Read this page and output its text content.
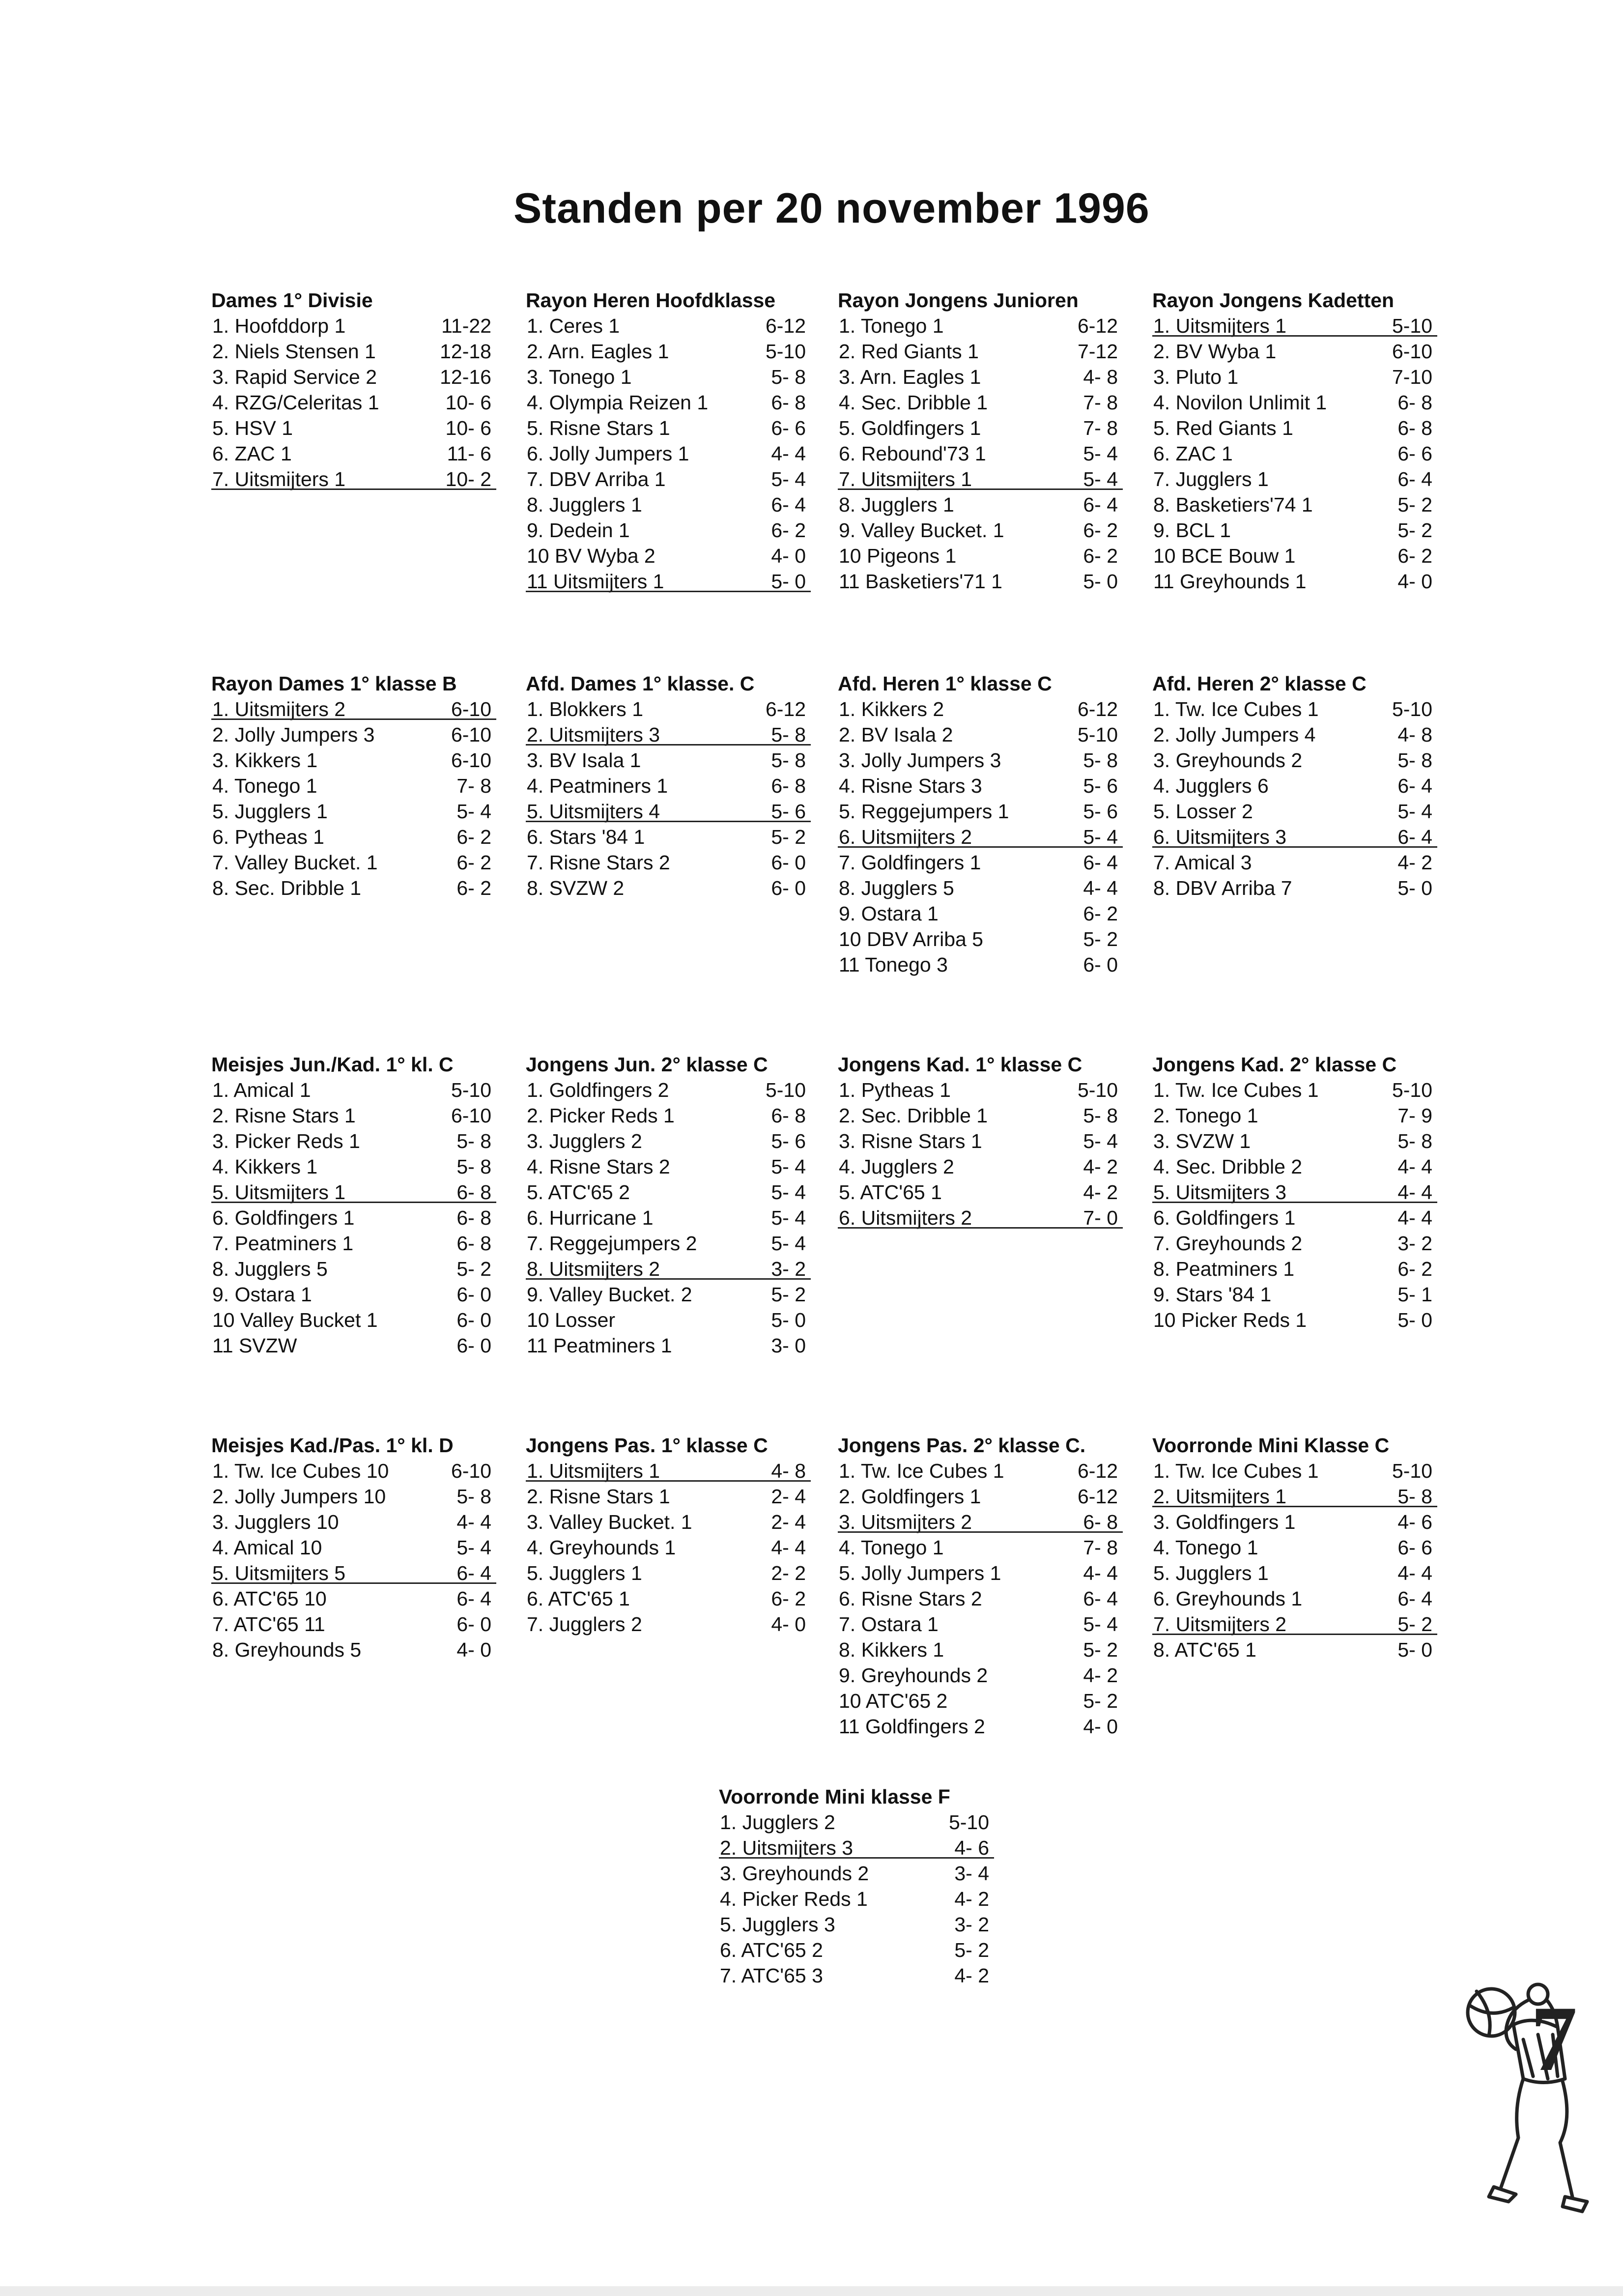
Standen per 20 november 1996
Dames 1° Divisie
1. Hoofddorp 1	11-22
2. Niels Stensen 1	12-18
3. Rapid Service 2	12-16
4. RZG/Celeritas 1	10- 6
5. HSV 1	10- 6
6. ZAC 1	11- 6
7. Uitsmijters 1	10- 2
Rayon Dames 1° klasse B
1. Uitsmijters 2	6-10
2. Jolly Jumpers 3	6-10
3. Kikkers 1	6-10
4. Tonego 1	7- 8
5. Jugglers 1	5- 4
6. Pytheas 1	6- 2
7. Valley Bucket. 1	6- 2
8. Sec. Dribble 1	6- 2
Meisjes Jun./Kad. 1° kl. C
1. Amical 1	5-10
2. Risne Stars 1	6-10
3. Picker Reds 1	5- 8
4. Kikkers 1	5- 8
5. Uitsmijters 1	6- 8
6. Goldfingers 1	6- 8
7. Peatminers 1	6- 8
8. Jugglers 5	5- 2
9. Ostara 1	6- 0
10 Valley Bucket 1	6- 0
11 SVZW	6- 0
Meisjes Kad./Pas. 1° kl. D
1. Tw. Ice Cubes 10	6-10
2. Jolly Jumpers 10	5- 8
3. Jugglers 10	4- 4
4. Amical 10	5- 4
5. Uitsmijters 5	6- 4
6. ATC'65 10	6- 4
7. ATC'65 11	6- 0
8. Greyhounds 5	4- 0
Rayon Heren Hoofdklasse
1. Ceres 1	6-12
2. Arn. Eagles 1	5-10
3. Tonego 1	5- 8
4. Olympia Reizen 1	6- 8
5. Risne Stars 1	6- 6
6. Jolly Jumpers 1	4- 4
7. DBV Arriba 1	5- 4
8. Jugglers 1	6- 4
9. Dedein 1	6- 2
10 BV Wyba 2	4- 0
11 Uitsmijters 1	5- 0
Afd. Dames 1° klasse. C
1. Blokkers 1	6-12
2. Uitsmijters 3	5- 8
3. BV Isala 1	5- 8
4. Peatminers 1	6- 8
5. Uitsmijters 4	5- 6
6. Stars '84 1	5- 2
7. Risne Stars 2	6- 0
8. SVZW 2	6- 0
Jongens Jun. 2° klasse C
1. Goldfingers 2	5-10
2. Picker Reds 1	6- 8
3. Jugglers 2	5- 6
4. Risne Stars 2	5- 4
5. ATC'65 2	5- 4
6. Hurricane 1	5- 4
7. Reggejumpers 2	5- 4
8. Uitsmijters 2	3- 2
9. Valley Bucket. 2	5- 2
10 Losser	5- 0
11 Peatminers 1	3- 0
Jongens Pas. 1° klasse C
1. Uitsmijters 1	4- 8
2. Risne Stars 1	2- 4
3. Valley Bucket. 1	2- 4
4. Greyhounds 1	4- 4
5. Jugglers 1	2- 2
6. ATC'65 1	6- 2
7. Jugglers 2	4- 0
Rayon Jongens Junioren
1. Tonego 1	6-12
2. Red Giants 1	7-12
3. Arn. Eagles 1	4- 8
4. Sec. Dribble 1	7- 8
5. Goldfingers 1	7- 8
6. Rebound'73 1	5- 4
7. Uitsmijters 1	5- 4
8. Jugglers 1	6- 4
9. Valley Bucket. 1	6- 2
10 Pigeons 1	6- 2
11 Basketiers'71 1	5- 0
Afd. Heren 1° klasse C
1. Kikkers 2	6-12
2. BV Isala 2	5-10
3. Jolly Jumpers 3	5- 8
4. Risne Stars 3	5- 6
5. Reggejumpers 1	5- 6
6. Uitsmijters 2	5- 4
7. Goldfingers 1	6- 4
8. Jugglers 5	4- 4
9. Ostara 1	6- 2
10 DBV Arriba 5	5- 2
11 Tonego 3	6- 0
Jongens Kad. 1° klasse C
1. Pytheas 1	5-10
2. Sec. Dribble 1	5- 8
3. Risne Stars 1	5- 4
4. Jugglers 2	4- 2
5. ATC'65 1	4- 2
6. Uitsmijters 2	7- 0
Jongens Pas. 2° klasse C.
1. Tw. Ice Cubes 1	6-12
2. Goldfingers 1	6-12
3. Uitsmijters 2	6- 8
4. Tonego 1	7- 8
5. Jolly Jumpers 1	4- 4
6. Risne Stars 2	6- 4
7. Ostara 1	5- 4
8. Kikkers 1	5- 2
9. Greyhounds 2	4- 2
10 ATC'65 2	5- 2
11 Goldfingers 2	4- 0
Rayon Jongens Kadetten
1. Uitsmijters 1	5-10
2. BV Wyba 1	6-10
3. Pluto 1	7-10
4. Novilon Unlimit 1	6- 8
5. Red Giants 1	6- 8
6. ZAC 1	6- 6
7. Jugglers 1	6- 4
8. Basketiers'74 1	5- 2
9. BCL 1	5- 2
10 BCE Bouw 1	6- 2
11 Greyhounds 1	4- 0
Afd. Heren 2° klasse C
1. Tw. Ice Cubes 1	5-10
2. Jolly Jumpers 4	4- 8
3. Greyhounds 2	5- 8
4. Jugglers 6	6- 4
5. Losser 2	5- 4
6. Uitsmijters 3	6- 4
7. Amical 3	4- 2
8. DBV Arriba 7	5- 0
Jongens Kad. 2° klasse C
1. Tw. Ice Cubes 1	5-10
2. Tonego 1	7- 9
3. SVZW 1	5- 8
4. Sec. Dribble 2	4- 4
5. Uitsmijters 3	4- 4
6. Goldfingers 1	4- 4
7. Greyhounds 2	3- 2
8. Peatminers 1	6- 2
9. Stars '84 1	5- 1
10 Picker Reds 1	5- 0
Voorronde Mini Klasse C
1. Tw. Ice Cubes 1	5-10
2. Uitsmijters 1	5- 8
3. Goldfingers 1	4- 6
4. Tonego 1	6- 6
5. Jugglers 1	4- 4
6. Greyhounds 1	6- 4
7. Uitsmijters 2	5- 2
8. ATC'65 1	5- 0
Voorronde Mini klasse F
1. Jugglers 2	5-10
2. Uitsmijters 3	4- 6
3. Greyhounds 2	3- 4
4. Picker Reds 1	4- 2
5. Jugglers 3	3- 2
6. ATC'65 2	5- 2
7. ATC'65 3	4- 2
7
